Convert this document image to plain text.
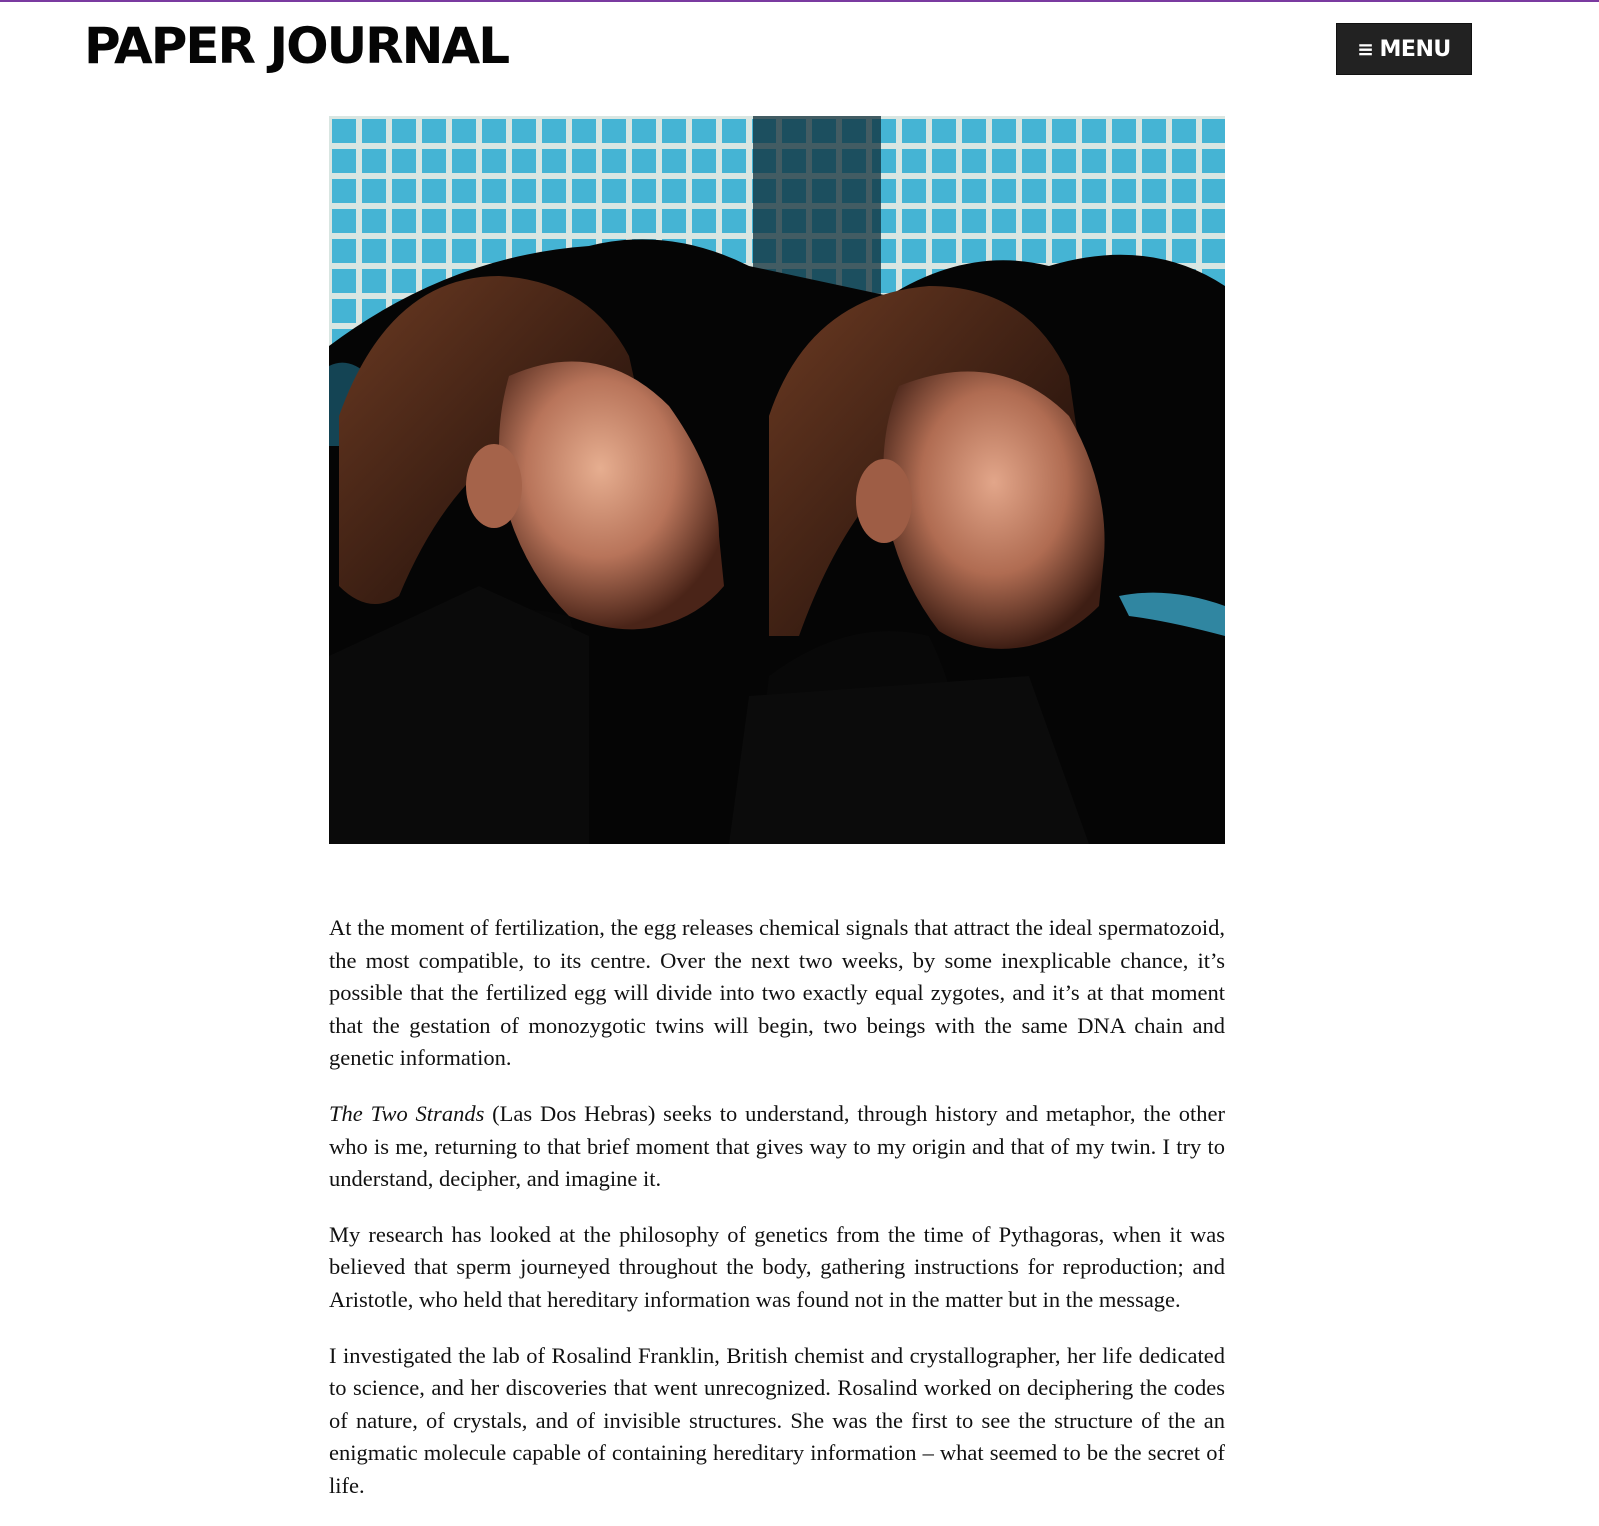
PAPER JOURNAL	≡ MENU

At the moment of fertilization, the egg releases chemical signals that attract the ideal spermatozoid, the most compatible, to its centre. Over the next two weeks, by some inexplicable chance, it’s possible that the fertilized egg will divide into two exactly equal zygotes, and it’s at that moment that the gestation of monozygotic twins will begin, two beings with the same DNA chain and genetic information.

The Two Strands (Las Dos Hebras) seeks to understand, through history and metaphor, the other who is me, returning to that brief moment that gives way to my origin and that of my twin. I try to understand, decipher, and imagine it.

My research has looked at the philosophy of genetics from the time of Pythagoras, when it was believed that sperm journeyed throughout the body, gathering instructions for reproduction; and Aristotle, who held that hereditary information was found not in the matter but in the message.

I investigated the lab of Rosalind Franklin, British chemist and crystallographer, her life dedicated to science, and her discoveries that went unrecognized. Rosalind worked on deciphering the codes of nature, of crystals, and of invisible structures. She was the first to see the structure of the an enigmatic molecule capable of containing hereditary information – what seemed to be the secret of life.
